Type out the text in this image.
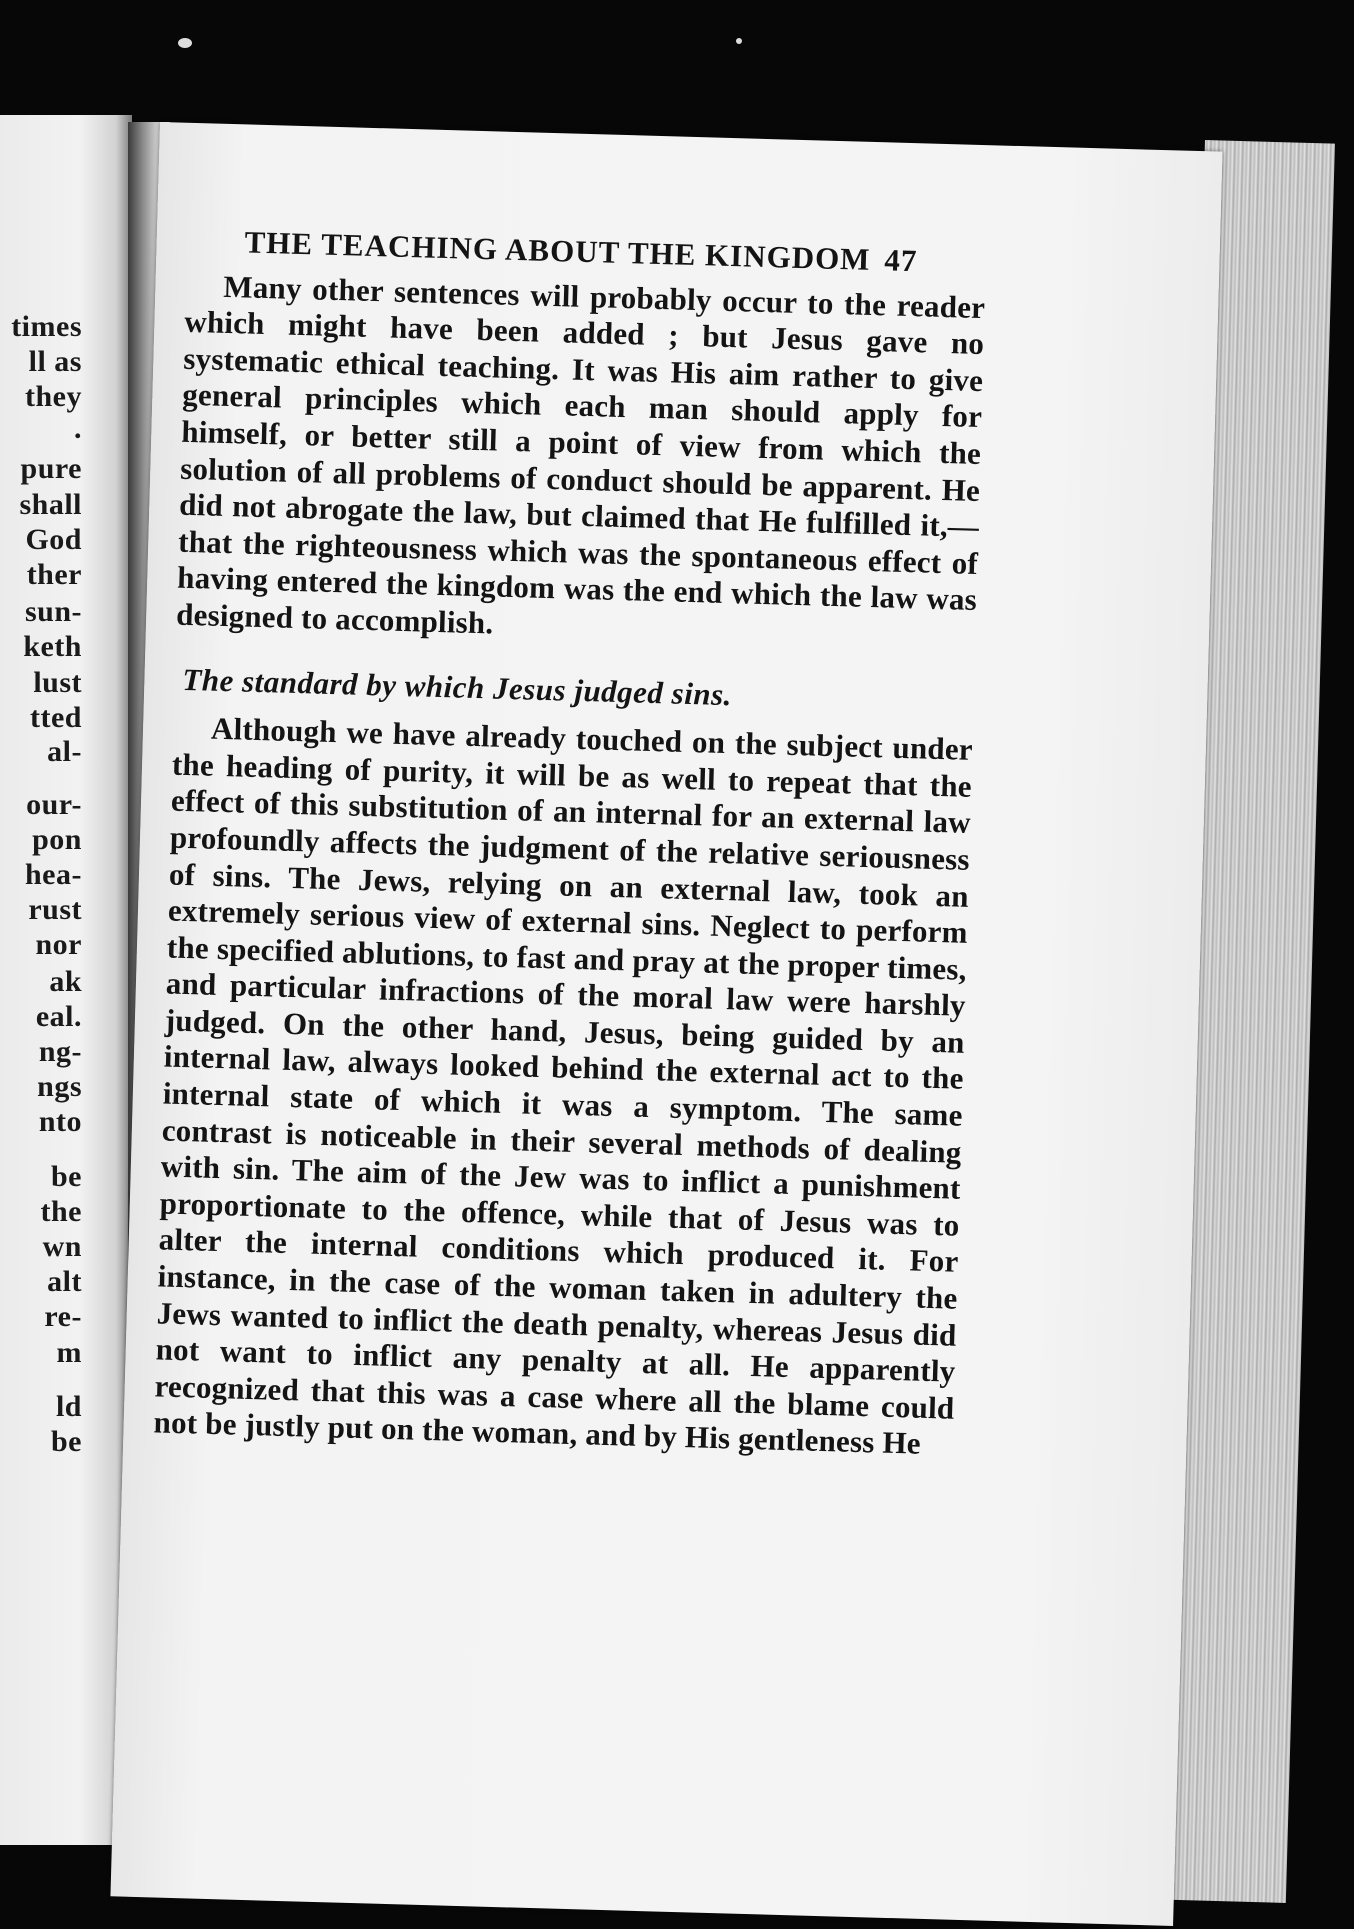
times
ll as
they
.
pure
shall
God
ther
sun-
keth
lust
tted
al-
our-
pon
hea-
rust
nor
ak
eal.
ng-
ngs
nto
be
the
wn
alt
re-
m
ld
be
THE TEACHING ABOUT THE KINGDOM 47

Many other sentences will probably occur to the reader which might have been added ; but Jesus gave no systematic ethical teaching. It was His aim rather to give general principles which each man should apply for himself, or better still a point of view from which the solution of all problems of conduct should be apparent. He did not abrogate the law, but claimed that He fulfilled it,—that the righteousness which was the spontaneous effect of having entered the kingdom was the end which the law was designed to accomplish.

The standard by which Jesus judged sins.

Although we have already touched on the subject under the heading of purity, it will be as well to repeat that the effect of this substitution of an internal for an external law profoundly affects the judgment of the relative seriousness of sins. The Jews, relying on an external law, took an extremely serious view of external sins. Neglect to perform the specified ablutions, to fast and pray at the proper times, and particular infractions of the moral law were harshly judged. On the other hand, Jesus, being guided by an internal law, always looked behind the external act to the internal state of which it was a symptom. The same contrast is noticeable in their several methods of dealing with sin. The aim of the Jew was to inflict a punishment proportionate to the offence, while that of Jesus was to alter the internal conditions which produced it. For instance, in the case of the woman taken in adultery the Jews wanted to inflict the death penalty, whereas Jesus did not want to inflict any penalty at all. He apparently recognized that this was a case where all the blame could not be justly put on the woman, and by His gentleness He
